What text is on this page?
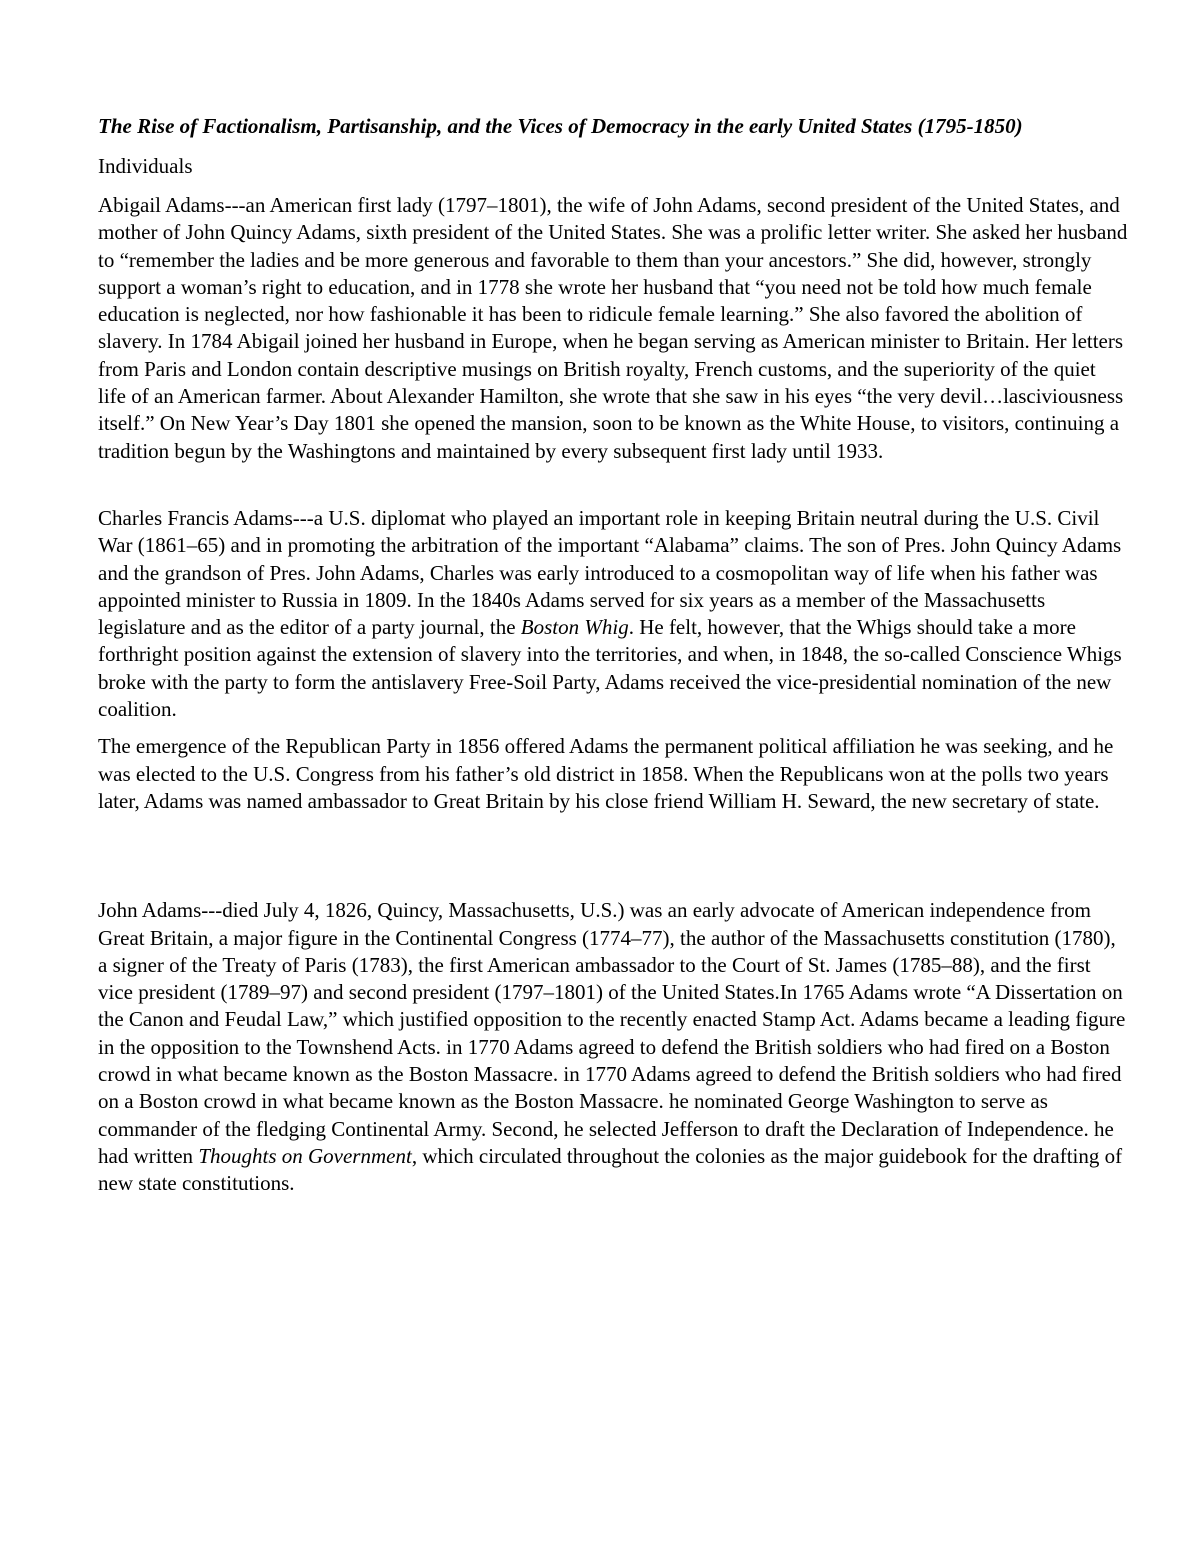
The Rise of Factionalism, Partisanship, and the Vices of Democracy in the early United States (1795-1850)
Individuals

Abigail Adams---an American first lady (1797–1801), the wife of John Adams, second president of the United States, and mother of John Quincy Adams, sixth president of the United States. She was a prolific letter writer. She asked her husband to “remember the ladies and be more generous and favorable to them than your ancestors.” She did, however, strongly support a woman’s right to education, and in 1778 she wrote her husband that “you need not be told how much female education is neglected, nor how fashionable it has been to ridicule female learning.” She also favored the abolition of slavery. In 1784 Abigail joined her husband in Europe, when he began serving as American minister to Britain. Her letters from Paris and London contain descriptive musings on British royalty, French customs, and the superiority of the quiet life of an American farmer. About Alexander Hamilton, she wrote that she saw in his eyes “the very devil…lasciviousness itself.” On New Year’s Day 1801 she opened the mansion, soon to be known as the White House, to visitors, continuing a tradition begun by the Washingtons and maintained by every subsequent first lady until 1933.

Charles Francis Adams---a U.S. diplomat who played an important role in keeping Britain neutral during the U.S. Civil War (1861–65) and in promoting the arbitration of the important “Alabama” claims. The son of Pres. John Quincy Adams and the grandson of Pres. John Adams, Charles was early introduced to a cosmopolitan way of life when his father was appointed minister to Russia in 1809. In the 1840s Adams served for six years as a member of the Massachusetts legislature and as the editor of a party journal, the Boston Whig. He felt, however, that the Whigs should take a more forthright position against the extension of slavery into the territories, and when, in 1848, the so-called Conscience Whigs broke with the party to form the antislavery Free-Soil Party, Adams received the vice-presidential nomination of the new coalition.

The emergence of the Republican Party in 1856 offered Adams the permanent political affiliation he was seeking, and he was elected to the U.S. Congress from his father’s old district in 1858. When the Republicans won at the polls two years later, Adams was named ambassador to Great Britain by his close friend William H. Seward, the new secretary of state.

John Adams---died July 4, 1826, Quincy, Massachusetts, U.S.) was an early advocate of American independence from Great Britain, a major figure in the Continental Congress (1774–77), the author of the Massachusetts constitution (1780), a signer of the Treaty of Paris (1783), the first American ambassador to the Court of St. James (1785–88), and the first vice president (1789–97) and second president (1797–1801) of the United States.In 1765 Adams wrote “A Dissertation on the Canon and Feudal Law,” which justified opposition to the recently enacted Stamp Act. Adams became a leading figure in the opposition to the Townshend Acts. in 1770 Adams agreed to defend the British soldiers who had fired on a Boston crowd in what became known as the Boston Massacre. in 1770 Adams agreed to defend the British soldiers who had fired on a Boston crowd in what became known as the Boston Massacre. he nominated George Washington to serve as commander of the fledging Continental Army. Second, he selected Jefferson to draft the Declaration of Independence. he had written Thoughts on Government, which circulated throughout the colonies as the major guidebook for the drafting of new state constitutions.
